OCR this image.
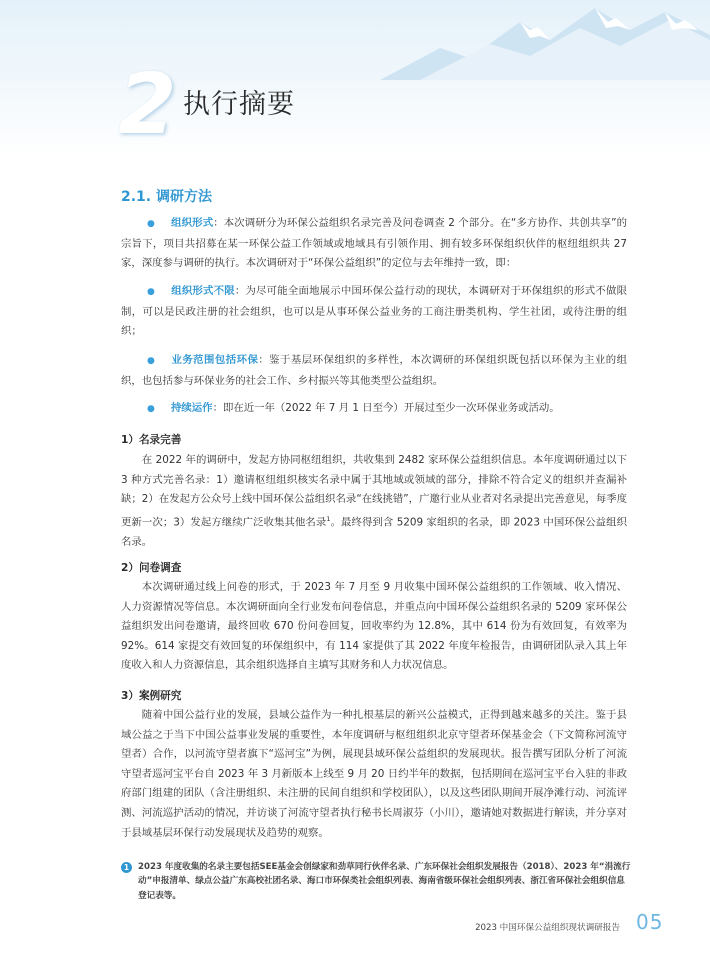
2 执行摘要
2.1. 调研方法

● 组织形式：本次调研分为环保公益组织名录完善及问卷调查 2 个部分。在“多方协作、共创共享”的宗旨下，项目共招募在某一环保公益工作领域或地域具有引领作用、拥有较多环保组织伙伴的枢纽组织共 27 家，深度参与调研的执行。本次调研对于“环保公益组织”的定位与去年维持一致，即：

● 组织形式不限：为尽可能全面地展示中国环保公益行动的现状，本调研对于环保组织的形式不做限制，可以是民政注册的社会组织，也可以是从事环保公益业务的工商注册类机构、学生社团，或待注册的组织；

● 业务范围包括环保：鉴于基层环保组织的多样性，本次调研的环保组织既包括以环保为主业的组织，也包括参与环保业务的社会工作、乡村振兴等其他类型公益组织。

● 持续运作：即在近一年（2022 年 7 月 1 日至今）开展过至少一次环保业务或活动。

1）名录完善

在 2022 年的调研中，发起方协同枢纽组织，共收集到 2482 家环保公益组织信息。本年度调研通过以下 3 种方式完善名录：1）邀请枢纽组织核实名录中属于其地域或领域的部分，排除不符合定义的组织并查漏补缺；2）在发起方公众号上线中国环保公益组织名录“在线挑错”，广邀行业从业者对名录提出完善意见，每季度更新一次；3）发起方继续广泛收集其他名录$^1$。最终得到含 5209 家组织的名录，即 2023 中国环保公益组织名录。

2）问卷调查

本次调研通过线上问卷的形式，于 2023 年 7 月至 9 月收集中国环保公益组织的工作领域、收入情况、人力资源情况等信息。本次调研面向全行业发布问卷信息，并重点向中国环保公益组织名录的 5209 家环保公益组织发出问卷邀请，最终回收 670 份问卷回复，回收率约为 12.8%，其中 614 份为有效回复，有效率为 92%。614 家提交有效回复的环保组织中，有 114 家提供了其 2022 年度年检报告，由调研团队录入其上年度收入和人力资源信息，其余组织选择自主填写其财务和人力状况信息。

3）案例研究

随着中国公益行业的发展，县域公益作为一种扎根基层的新兴公益模式，正得到越来越多的关注。鉴于县域公益之于当下中国公益事业发展的重要性，本年度调研与枢纽组织北京守望者环保基金会（下文简称河流守望者）合作，以河流守望者旗下“巡河宝”为例，展现县域环保公益组织的发展现状。报告撰写团队分析了河流守望者巡河宝平台自 2023 年 3 月新版本上线至 9 月 20 日约半年的数据，包括期间在巡河宝平台入驻的非政府部门组建的团队（含注册组织、未注册的民间自组织和学校团队），以及这些团队期间开展净滩行动、河流评测、河流巡护活动的情况，并访谈了河流守望者执行秘书长周淑芬（小川），邀请她对数据进行解读，并分享对于县域基层环保行动发展现状及趋势的观察。

1	2023 年度收集的名录主要包括SEE基金会创绿家和劲草同行伙伴名录、广东环保社会组织发展报告（2018）、2023 年“涓流行动”申报清单、绿点公益广东高校社团名录、海口市环保类社会组织列表、海南省级环保社会组织列表、浙江省环保社会组织信息登记表等。
2023 中国环保公益组织现状调研报告 05
